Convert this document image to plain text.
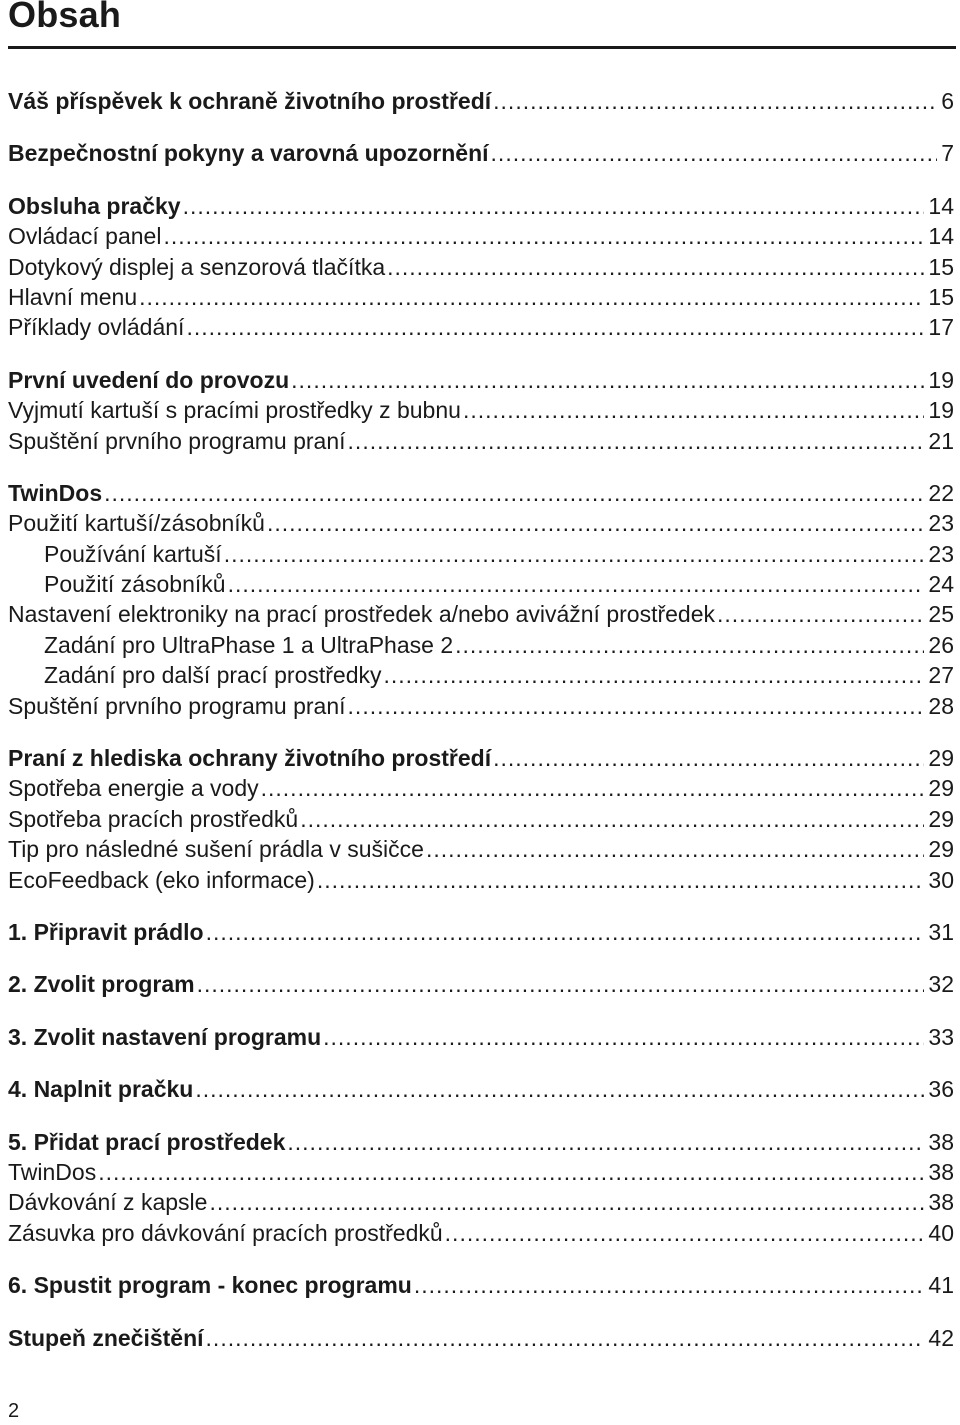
Obsah
Váš příspěvek k ochraně životního prostředí .....	6
Bezpečnostní pokyny a varovná upozornění .....	7
Obsluha pračky .....	14
Ovládací panel .....	14
Dotykový displej a senzorová tlačítka .....	15
Hlavní menu .....	15
Příklady ovládání .....	17
První uvedení do provozu .....	19
Vyjmutí kartuší s pracími prostředky z bubnu .....	19
Spuštění prvního programu praní .....	21
TwinDos .....	22
Použití kartuší/zásobníků .....	23
Používání kartuší .....	23
Použití zásobníků .....	24
Nastavení elektroniky na prací prostředek a/nebo avivážní prostředek .....	25
Zadání pro UltraPhase 1 a UltraPhase 2 .....	26
Zadání pro další prací prostředky .....	27
Spuštění prvního programu praní .....	28
Praní z hlediska ochrany životního prostředí .....	29
Spotřeba energie a vody .....	29
Spotřeba pracích prostředků .....	29
Tip pro následné sušení prádla v sušičce .....	29
EcoFeedback (eko informace) .....	30
1. Připravit prádlo .....	31
2. Zvolit program .....	32
3. Zvolit nastavení programu .....	33
4. Naplnit pračku .....	36
5. Přidat prací prostředek .....	38
TwinDos .....	38
Dávkování z kapsle .....	38
Zásuvka pro dávkování pracích prostředků .....	40
6. Spustit program - konec programu .....	41
Stupeň znečištění .....	42
2
